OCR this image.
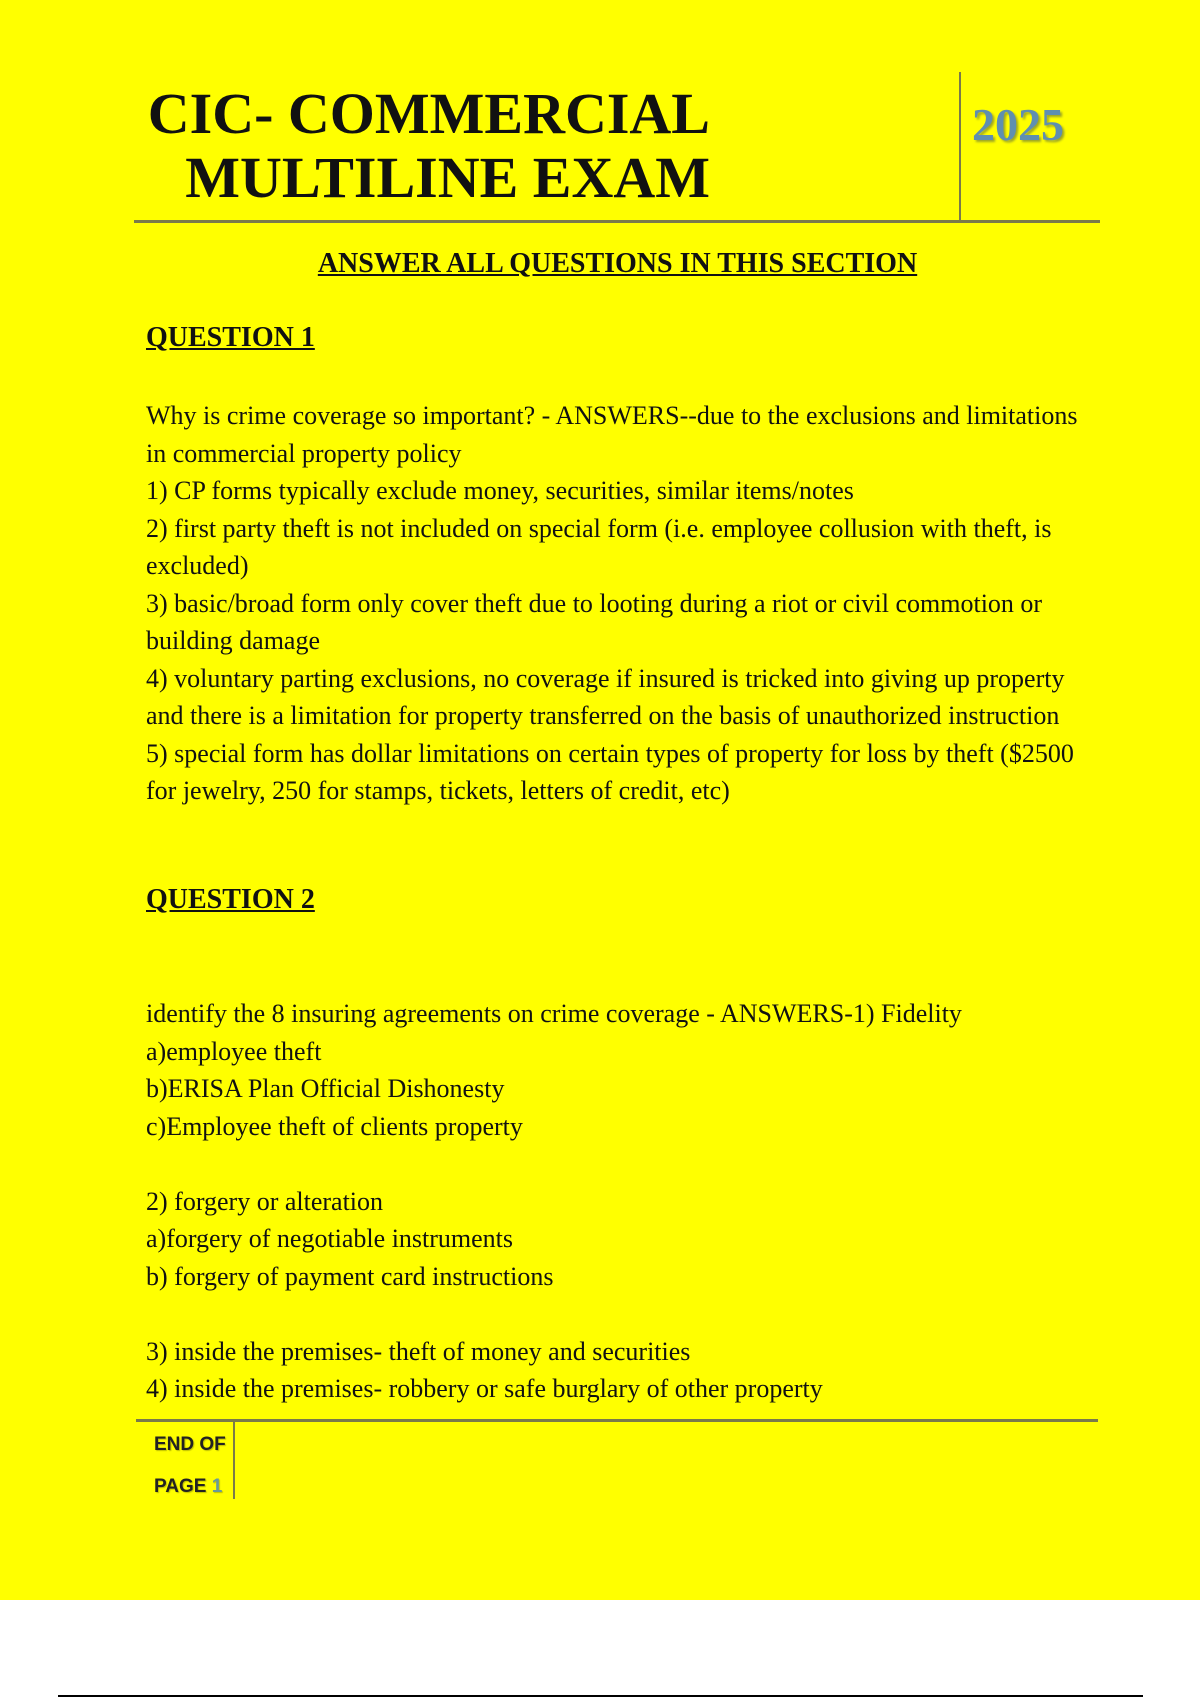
CIC- COMMERCIAL
MULTILINE EXAM
2025
ANSWER ALL QUESTIONS IN THIS SECTION
QUESTION 1

Why is crime coverage so important? - ANSWERS--due to the exclusions and limitations in commercial property policy

1) CP forms typically exclude money, securities, similar items/notes

2) first party theft is not included on special form (i.e. employee collusion with theft, is excluded)

3) basic/broad form only cover theft due to looting during a riot or civil commotion or building damage

4) voluntary parting exclusions, no coverage if insured is tricked into giving up property and there is a limitation for property transferred on the basis of unauthorized instruction

5) special form has dollar limitations on certain types of property for loss by theft ($2500 for jewelry, 250 for stamps, tickets, letters of credit, etc)

QUESTION 2

identify the 8 insuring agreements on crime coverage - ANSWERS-1) Fidelity

a)employee theft

b)ERISA Plan Official Dishonesty

c)Employee theft of clients property

2) forgery or alteration

a)forgery of negotiable instruments

b) forgery of payment card instructions

3) inside the premises- theft of money and securities

4) inside the premises- robbery or safe burglary of other property

END OF
PAGE 1
